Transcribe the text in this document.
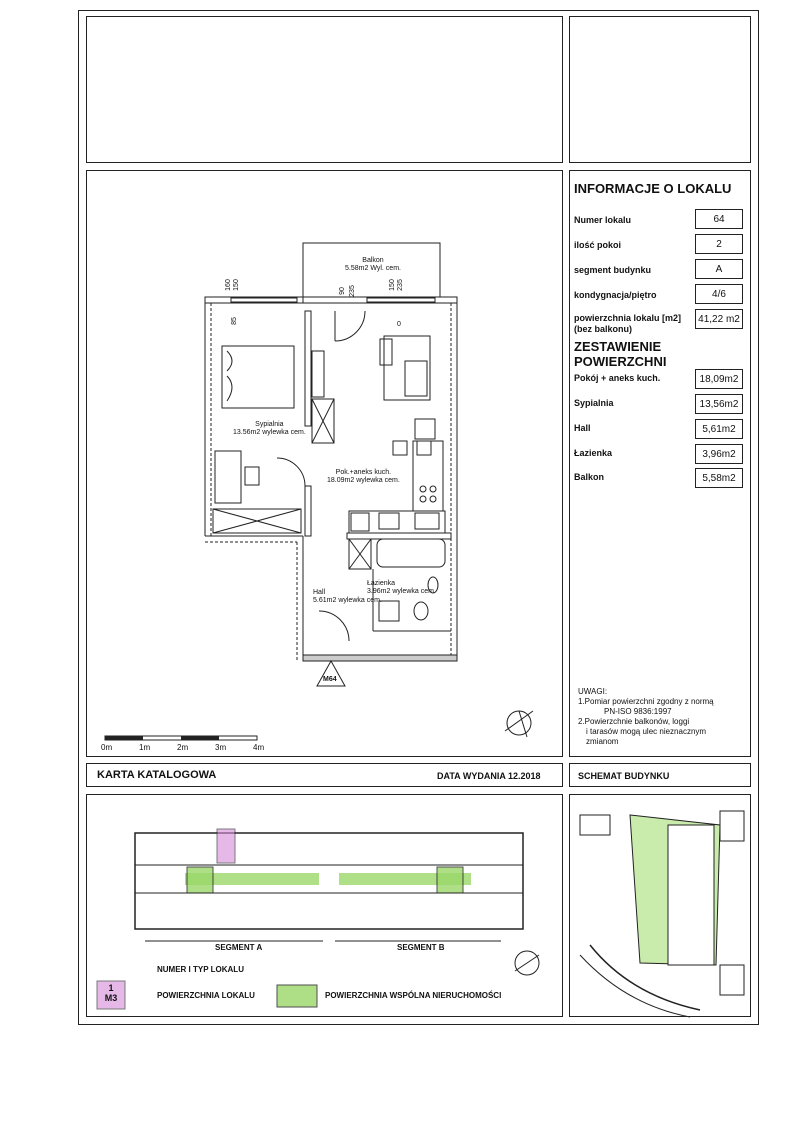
Balkon
5.58m2 Wyl. cem.
Sypialnia
13.56m2 wylewka cem.
Pok.+aneks kuch.
18.09m2 wylewka cem.
Łazienka
3.96m2 wylewka cem.
Hall
5.61m2 wylewka cem.
160 150
85
90 235
150 235
0
M64
0m	1m	2m	3m	4m
INFORMACJE O LOKALU
Numer lokalu	64
ilość pokoi	2
segment budynku	A
kondygnacja/piętro	4/6
powierzchnia lokalu [m2]
(bez balkonu)
41,22 m2
ZESTAWIENIE POWIERZCHNI
Pokój + aneks kuch.	18,09m2
Sypialnia	13,56m2
Hall	5,61m2
Łazienka	3,96m2
Balkon	5,58m2
UWAGI:
1.Pomiar powierzchni zgodny z normą
PN-ISO 9836:1997
2.Powierzchnie balkonów, loggi
i tarasów mogą ulec nieznacznym
zmianom
KARTA KATALOGOWA	DATA WYDANIA 12.2018	SCHEMAT BUDYNKU
SEGMENT A	SEGMENT B
NUMER I TYP LOKALU
1
M3	POWIERZCHNIA LOKALU	POWIERZCHNIA WSPÓLNA NIERUCHOMOŚCI
